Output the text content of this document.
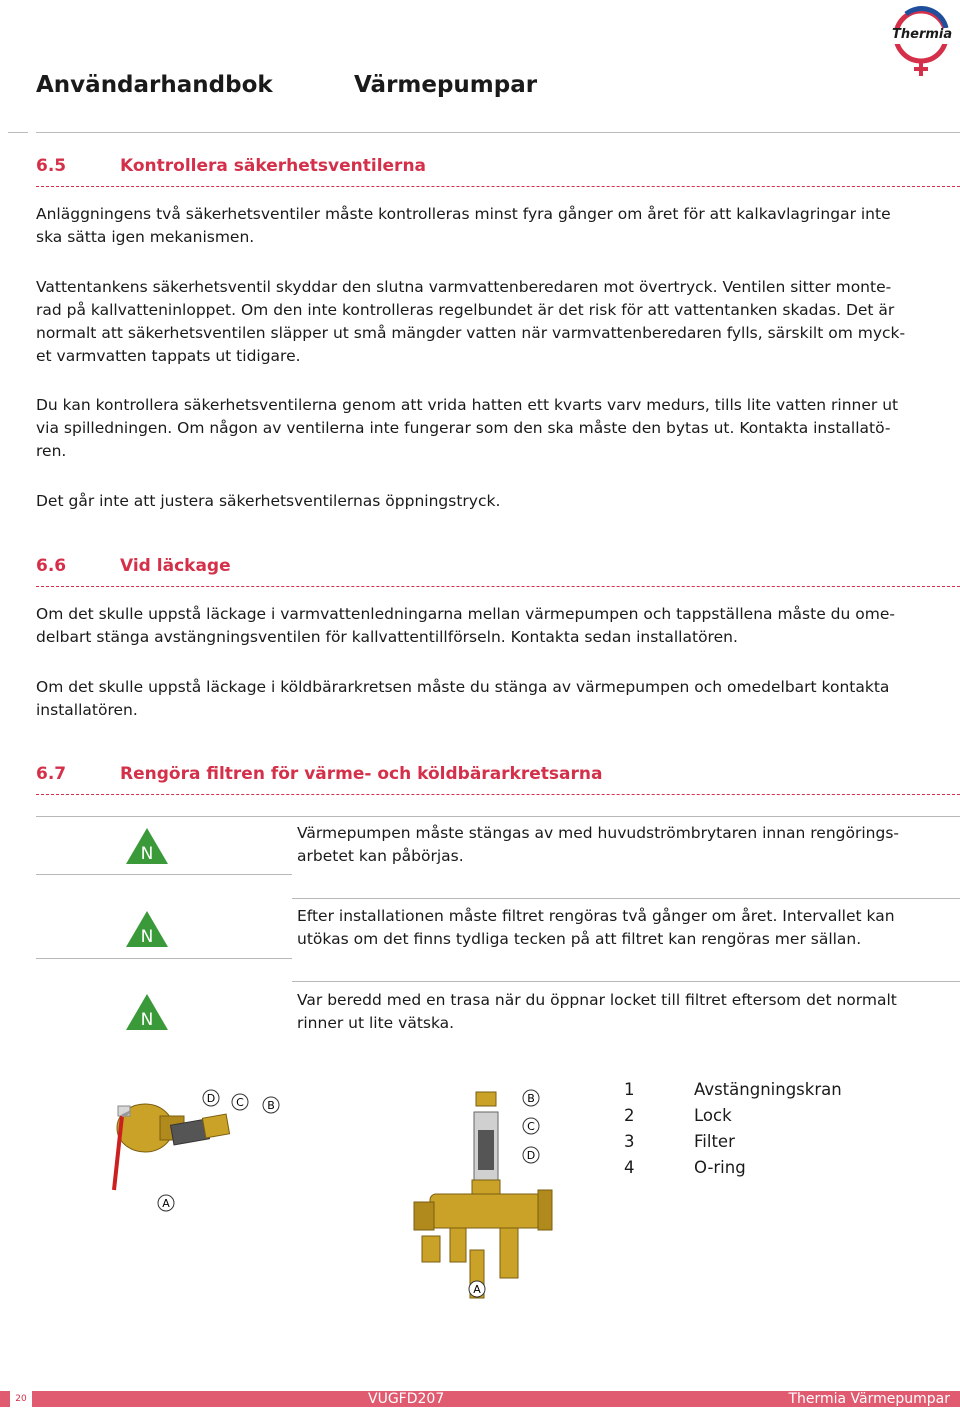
Thermia
Användarhandbok	Värmepumpar
6.5	Kontrollera säkerhetsventilerna
Anläggningens två säkerhetsventiler måste kontrolleras minst fyra gånger om året för att kalkavlagringar inte
ska sätta igen mekanismen.
Vattentankens säkerhetsventil skyddar den slutna varmvattenberedaren mot övertryck. Ventilen sitter monte-
rad på kallvatteninloppet. Om den inte kontrolleras regelbundet är det risk för att vattentanken skadas. Det är
normalt att säkerhetsventilen släpper ut små mängder vatten när varmvattenberedaren fylls, särskilt om myck-
et varmvatten tappats ut tidigare.
Du kan kontrollera säkerhetsventilerna genom att vrida hatten ett kvarts varv medurs, tills lite vatten rinner ut
via spilledningen. Om någon av ventilerna inte fungerar som den ska måste den bytas ut. Kontakta installatö-
ren.
Det går inte att justera säkerhetsventilernas öppningstryck.
6.6	Vid läckage
Om det skulle uppstå läckage i varmvattenledningarna mellan värmepumpen och tappställena måste du ome-
delbart stänga avstängningsventilen för kallvattentillförseln. Kontakta sedan installatören.
Om det skulle uppstå läckage i köldbärarkretsen måste du stänga av värmepumpen och omedelbart kontakta
installatören.
6.7	Rengöra filtren för värme- och köldbärarkretsarna
N
Värmepumpen måste stängas av med huvudströmbrytaren innan rengörings-
arbetet kan påbörjas.
N
Efter installationen måste filtret rengöras två gånger om året. Intervallet kan
utökas om det finns tydliga tecken på att filtret kan rengöras mer sällan.
N
Var beredd med en trasa när du öppnar locket till filtret eftersom det normalt
rinner ut lite vätska.
D C B
A
B
C
D
A
1	Avstängningskran
2	Lock
3	Filter
4	O-ring
20	VUGFD207	Thermia Värmepumpar
